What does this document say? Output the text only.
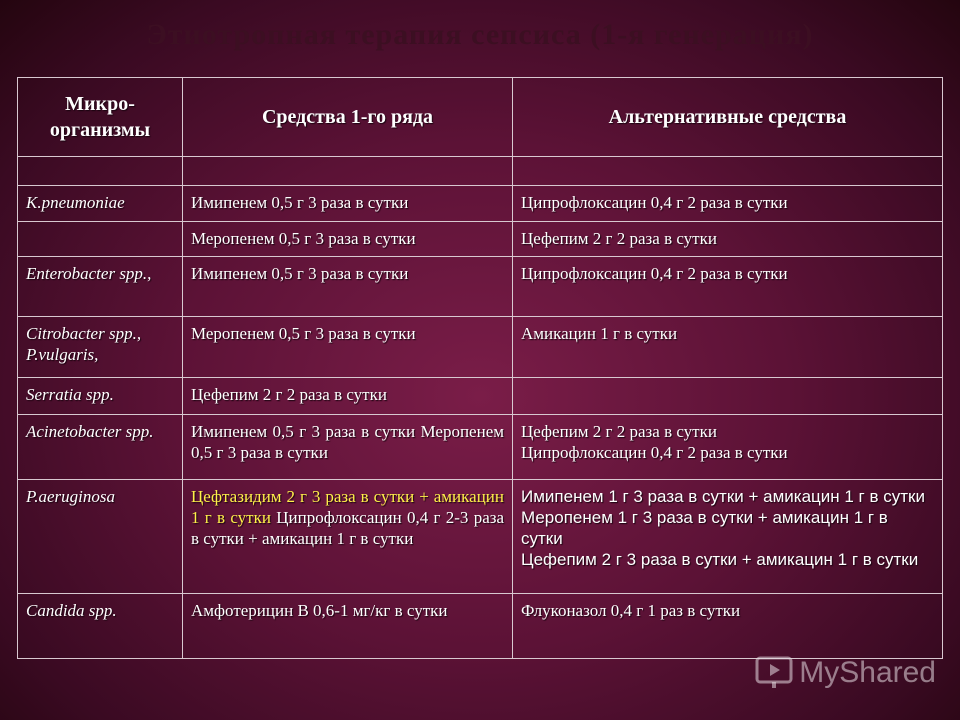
Этиотропная терапия сепсиса (1-я генерация)
Микро-
организмы	Средства 1-го ряда	Альтернативные средства

K.pneumoniae	Имипенем 0,5 г 3 раза в сутки	Ципрофлоксацин 0,4 г 2 раза в сутки
	Меропенем 0,5 г 3 раза в сутки	Цефепим 2 г 2 раза в сутки
Enterobacter spp.,	Имипенем 0,5 г 3 раза в сутки	Ципрофлоксацин 0,4 г 2 раза в сутки
Citrobacter spp., P.vulgaris,	Меропенем 0,5 г 3 раза в сутки	Амикацин 1 г в сутки
Serratia spp.	Цефепим 2 г 2 раза в сутки	
Acinetobacter spp.	Имипенем 0,5 г 3 раза в сутки Меропенем 0,5 г 3 раза в сутки	Цефепим 2 г 2 раза в сутки
Ципрофлоксацин 0,4 г 2 раза в сутки
P.aeruginosa	Цефтазидим 2 г 3 раза в сутки + амикацин 1 г в сутки Ципрофлоксацин 0,4 г 2-3 раза в сутки + амикацин 1 г в сутки	Имипенем 1 г 3 раза в сутки + амикацин 1 г в сутки
Меропенем 1 г 3 раза в сутки + амикацин 1 г в сутки
Цефепим 2 г 3 раза в сутки + амикацин 1 г в сутки
Candida spp.	Амфотерицин В 0,6-1 мг/кг в сутки	Флуконазол 0,4 г 1 раз в сутки
MyShared
